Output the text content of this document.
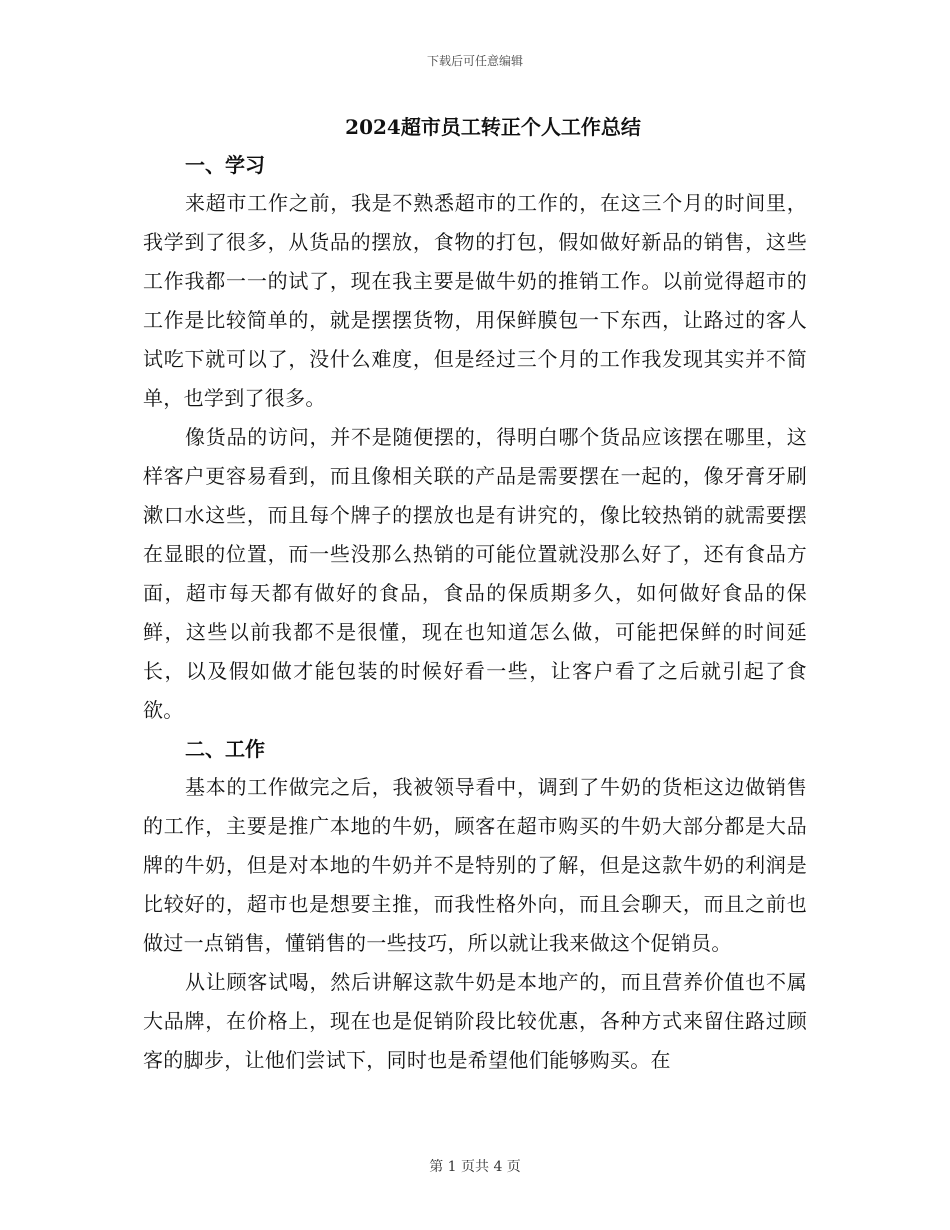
下载后可任意编辑
2024超市员工转正个人工作总结
一、学习

来超市工作之前，我是不熟悉超市的工作的，在这三个月的时间里，我学到了很多，从货品的摆放，食物的打包，假如做好新品的销售，这些工作我都一一的试了，现在我主要是做牛奶的推销工作。以前觉得超市的工作是比较简单的，就是摆摆货物，用保鲜膜包一下东西，让路过的客人试吃下就可以了，没什么难度，但是经过三个月的工作我发现其实并不简单，也学到了很多。

像货品的访问，并不是随便摆的，得明白哪个货品应该摆在哪里，这样客户更容易看到，而且像相关联的产品是需要摆在一起的，像牙膏牙刷漱口水这些，而且每个牌子的摆放也是有讲究的，像比较热销的就需要摆在显眼的位置，而一些没那么热销的可能位置就没那么好了，还有食品方面，超市每天都有做好的食品，食品的保质期多久，如何做好食品的保鲜，这些以前我都不是很懂，现在也知道怎么做，可能把保鲜的时间延长，以及假如做才能包装的时候好看一些，让客户看了之后就引起了食欲。

二、工作

基本的工作做完之后，我被领导看中，调到了牛奶的货柜这边做销售的工作，主要是推广本地的牛奶，顾客在超市购买的牛奶大部分都是大品牌的牛奶，但是对本地的牛奶并不是特别的了解，但是这款牛奶的利润是比较好的，超市也是想要主推，而我性格外向，而且会聊天，而且之前也做过一点销售，懂销售的一些技巧，所以就让我来做这个促销员。

从让顾客试喝，然后讲解这款牛奶是本地产的，而且营养价值也不属大品牌，在价格上，现在也是促销阶段比较优惠，各种方式来留住路过顾客的脚步，让他们尝试下，同时也是希望他们能够购买。在

第 1 页共 4 页
